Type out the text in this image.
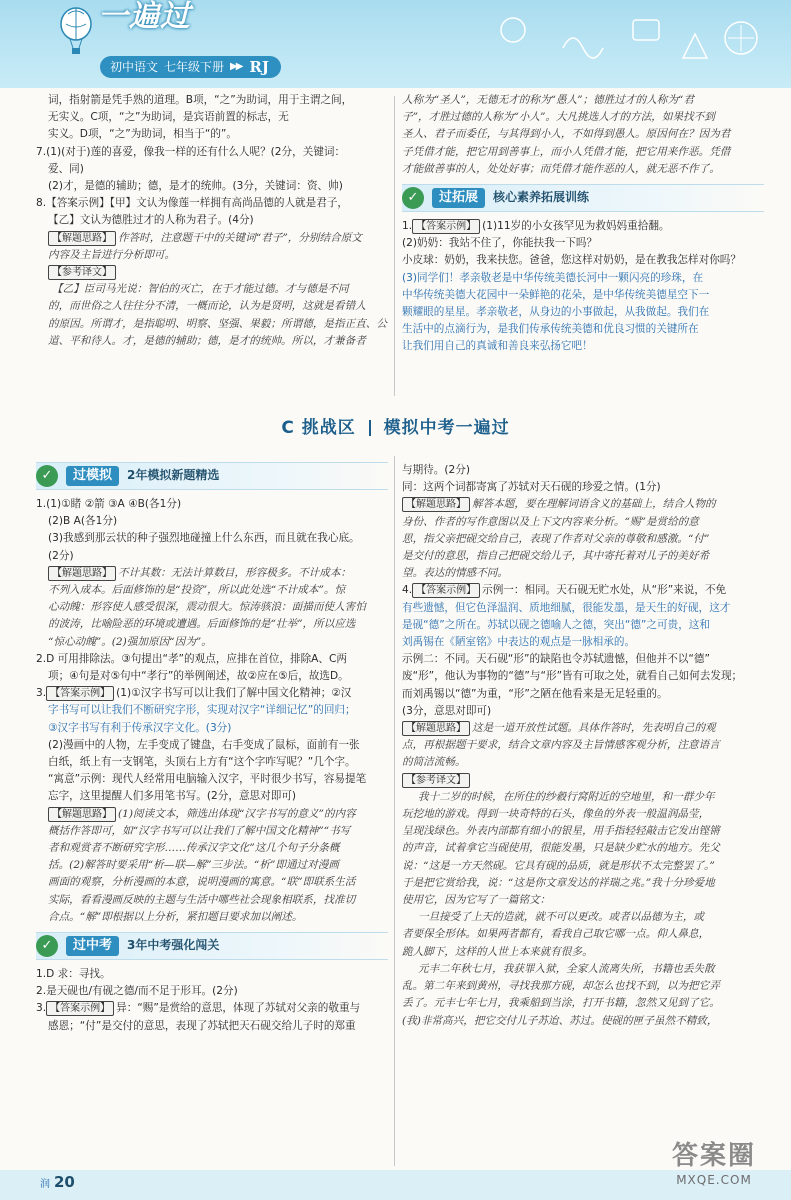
一遍过
初中语文 七年级下册 ▶▶ RJ

词，指射箭是凭手熟的道理。B项，“之”为助词，用于主谓之间，

无实义。C项，“之”为助词，是宾语前置的标志，无

实义。D项，“之”为助词，相当于“的”。

7.(1)(对于)莲的喜爱，像我一样的还有什么人呢？(2分，关键词：

爱、同)

(2)才，是德的辅助；德，是才的统帅。(3分，关键词：资、帅)

8.【答案示例】【甲】文认为像莲一样拥有高尚品德的人就是君子，

【乙】文认为德胜过才的人称为君子。(4分)

【解题思路】 作答时，注意题干中的关键词“君子”，分别结合原文

内容及主旨进行分析即可。

【参考译文】

【乙】臣司马光说：智伯的灭亡，在于才能过德。才与德是不同

的，而世俗之人往往分不清，一概而论，认为是贤明，这就是看错人

的原因。所谓才，是指聪明、明察、坚强、果毅；所谓德，是指正直、公

道、平和待人。才，是德的辅助；德，是才的统帅。所以，才兼备者

人称为“圣人”，无德无才的称为“愚人”；德胜过才的人称为“君

子”，才胜过德的人称为“小人”。大凡挑选人才的方法，如果找不到

圣人、君子而委任，与其得到小人，不如得到愚人。原因何在？因为君

子凭借才能，把它用到善事上，而小人凭借才能，把它用来作恶。凭借

才能做善事的人，处处好事；而凭借才能作恶的人，就无恶不作了。

✓	过拓展	核心素养拓展训练

1. 【答案示例】 (1)11岁的小女孩罕见为救妈妈重拾翻。

(2)奶奶：我站不住了，你能扶我一下吗？

小皮球：奶奶，我来扶您。爸爸，您这样对奶奶，是在教我怎样对你吗？

(3)同学们！孝亲敬老是中华传统美德长河中一颗闪亮的珍珠，在

中华传统美德大花园中一朵鲜艳的花朵，是中华传统美德星空下一

颗耀眼的星星。孝亲敬老，从身边的小事做起，从我做起。我们在

生活中的点滴行为，是我们传承传统美德和优良习惯的关键所在

让我们用自己的真诚和善良来弘扬它吧！

C 挑战区 模拟中考一遍过
✓	过模拟	2年模拟新题精选

1.(1)①睹 ②箭 ③A ④B(各1分)

(2)B A(各1分)

(3)我感到那云状的种子强烈地碰撞上什么东西，而且就在我心底。

(2分)

【解题思路】 不计其数：无法计算数目，形容极多。不计成本：

不列入成本。后面修饰的是“投资”，所以此处选“不计成本”。惊

心动魄：形容使人感受很深，震动很大。惊涛骇浪：面描而使人害怕

的波涛，比喻险恶的环境或遭遇。后面修饰的是“壮举”，所以应选

“惊心动魄”。(2)强加原因“因为”。

2.D 可用排除法。③句提出“孝”的观点，应排在首位，排除A、C两

项；④句是对⑤句中“孝行”的举例阐述，故②应在⑤后，故选D。

3. 【答案示例】 (1)①汉字书写可以让我们了解中国文化精神；②汉

字书写可以让我们不断研究字形，实现对汉字“详细记忆”的回归；

③汉字书写有利于传承汉字文化。(3分)

(2)漫画中的人物，左手变成了键盘，右手变成了鼠标，面前有一张

白纸，纸上有一支钢笔，头顶右上方有“这个字咋写呢？”几个字。

“寓意”示例：现代人经常用电脑输入汉字，平时很少书写，容易提笔

忘字，这里提醒人们多用笔书写。(2分，意思对即可)

【解题思路】 (1)阅读文本，筛选出体现“汉字书写的意义”的内容

概括作答即可，如“汉字书写可以让我们了解中国文化精神”“书写

者和观赏者不断研究字形……传承汉字文化”这几个句子分条概

括。(2)解答时要采用“析—联—解”三步法。“析”即通过对漫画

画面的观察，分析漫画的本意，说明漫画的寓意。“联”即联系生活

实际，看看漫画反映的主题与生活中哪些社会现象相联系，找准切

合点。“解”即根据以上分析，紧扣题目要求加以阐述。

✓	过中考	3年中考强化闯关

1.D 求：寻找。

2.是天砚也/有砚之德/而不足于形耳。(2分)

3. 【答案示例】 异：“赐”是赏给的意思，体现了苏轼对父亲的敬重与

感恩；“付”是交付的意思，表现了苏轼把天石砚交给儿子时的郑重

与期待。(2分)

同：这两个词都寄寓了苏轼对天石砚的珍爱之情。(1分)

【解题思路】 解答本题，要在理解词语含义的基础上，结合人物的

身份、作者的写作意图以及上下文内容来分析。“赐”是赏给的意

思，指父亲把砚交给自己，表现了作者对父亲的尊敬和感激。“付”

是交付的意思，指自己把砚交给儿子，其中寄托着对儿子的美好希

望。表达的情感不同。

4. 【答案示例】 示例一：相同。天石砚无贮水处，从“形”来说，不免

有些遗憾，但它色泽温润、质地细腻，很能发墨，是天生的好砚，这才

是砚“德”之所在。苏轼以砚之德喻人之德，突出“德”之可贵，这和

刘禹锡在《陋室铭》中表达的观点是一脉相承的。

示例二：不同。天石砚“形”的缺陷也令苏轼遗憾，但他并不以“德”

废“形”，他认为事物的“德”与“形”皆有可取之处，就看自己如何去发现；

而刘禹锡以“德”为重，“形”之陋在他看来是无足轻重的。

(3分，意思对即可)

【解题思路】 这是一道开放性试题。具体作答时，先表明自己的观

点，再根据题干要求，结合文章内容及主旨情感客观分析，注意语言

的简洁流畅。

【参考译文】

我十二岁的时候，在所住的纱縠行窝附近的空地里，和一群少年

玩挖地的游戏。得到一块奇特的石头，像鱼的外表一般温润晶莹，

呈现浅绿色。外表内部都有细小的银星，用手指轻轻敲击它发出铿锵

的声音，试着拿它当砚使用，很能发墨，只是缺少贮水的地方。先父

说：“这是一方天然砚。它具有砚的品质，就是形状不太完整罢了。”

于是把它赏给我，说：“这是你文章发达的祥瑞之兆。”我十分珍爱地

使用它，因为它写了一篇铭文：

一旦接受了上天的造就，就不可以更改。或者以品德为主，或

者要保全形体。如果两者都有，看我自己取它哪一点。仰人鼻息，

跪人脚下，这样的人世上本来就有很多。

元丰二年秋七月，我获罪入狱，全家人流离失所，书籍也丢失散

乱。第二年来到黄州，寻找我那方砚，却怎么也找不到，以为把它弄

丢了。元丰七年七月，我乘船到当涂，打开书籍，忽然又见到了它。

(我)非常高兴，把它交付儿子苏迨、苏过。使砚的匣子虽然不精致，

润 20
答案圈
MXQE.COM
